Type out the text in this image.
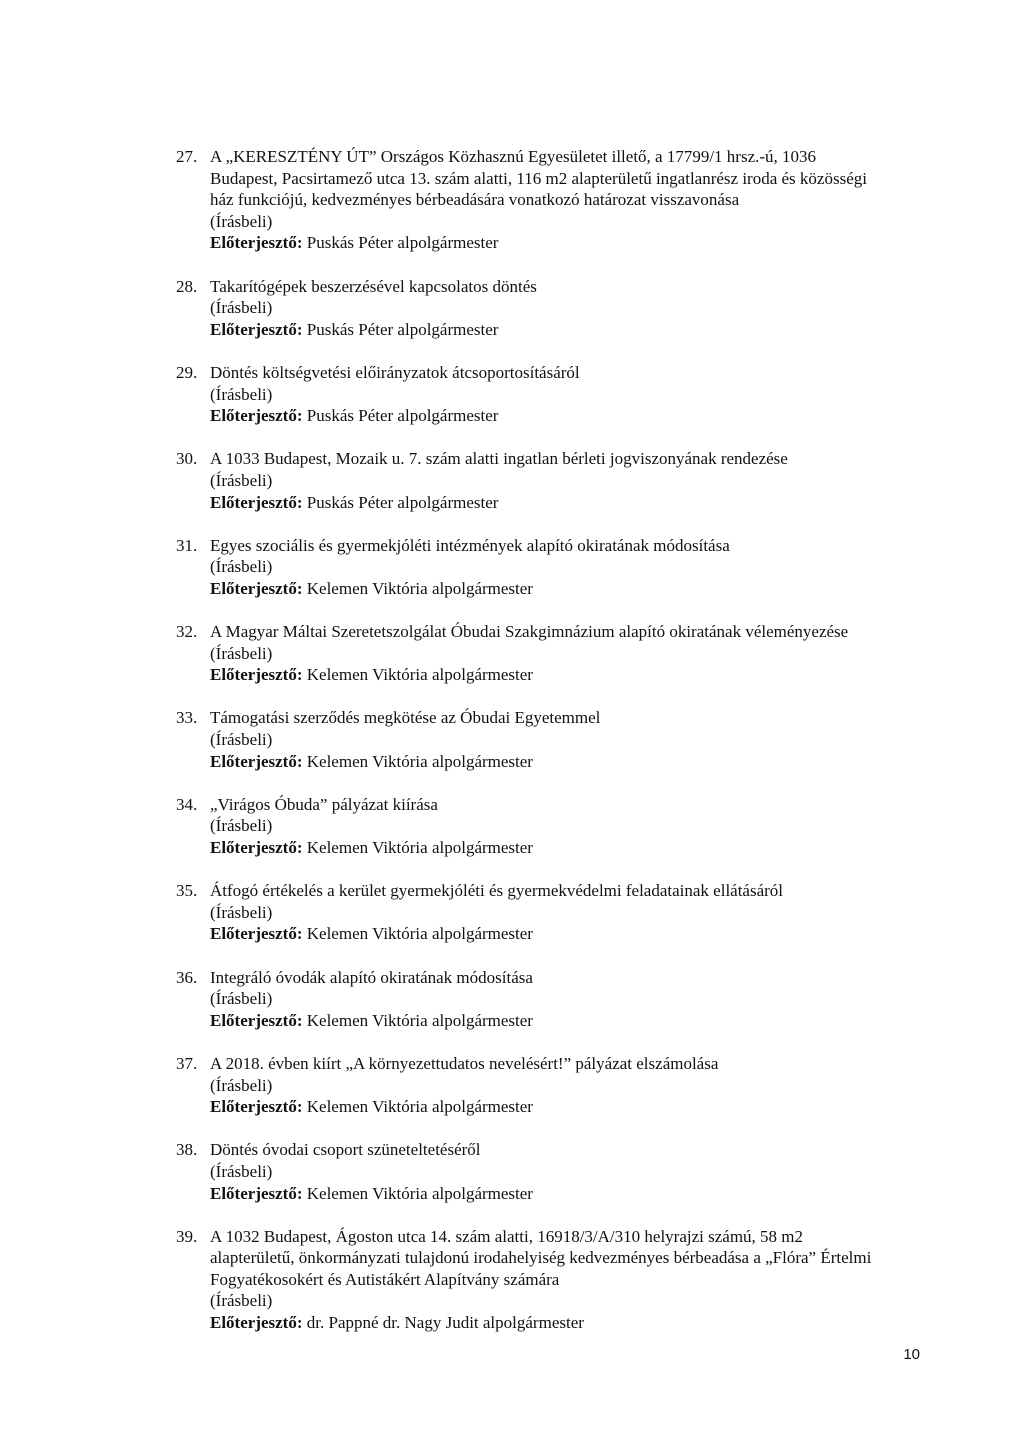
27. A „KERESZTÉNY ÚT” Országos Közhasznú Egyesületet illető, a 17799/1 hrsz.-ú, 1036
Budapest, Pacsirtamező utca 13. szám alatti, 116 m2 alapterületű ingatlanrész iroda és közösségi
ház funkciójú, kedvezményes bérbeadására vonatkozó határozat visszavonása
(Írásbeli)
Előterjesztő: Puskás Péter alpolgármester
28. Takarítógépek beszerzésével kapcsolatos döntés
(Írásbeli)
Előterjesztő: Puskás Péter alpolgármester
29. Döntés költségvetési előirányzatok átcsoportosításáról
(Írásbeli)
Előterjesztő: Puskás Péter alpolgármester
30. A 1033 Budapest, Mozaik u. 7. szám alatti ingatlan bérleti jogviszonyának rendezése
(Írásbeli)
Előterjesztő: Puskás Péter alpolgármester
31. Egyes szociális és gyermekjóléti intézmények alapító okiratának módosítása
(Írásbeli)
Előterjesztő: Kelemen Viktória alpolgármester
32. A Magyar Máltai Szeretetszolgálat Óbudai Szakgimnázium alapító okiratának véleményezése
(Írásbeli)
Előterjesztő: Kelemen Viktória alpolgármester
33. Támogatási szerződés megkötése az Óbudai Egyetemmel
(Írásbeli)
Előterjesztő: Kelemen Viktória alpolgármester
34. „Virágos Óbuda” pályázat kiírása
(Írásbeli)
Előterjesztő: Kelemen Viktória alpolgármester
35. Átfogó értékelés a kerület gyermekjóléti és gyermekvédelmi feladatainak ellátásáról
(Írásbeli)
Előterjesztő: Kelemen Viktória alpolgármester
36. Integráló óvodák alapító okiratának módosítása
(Írásbeli)
Előterjesztő: Kelemen Viktória alpolgármester
37. A 2018. évben kiírt „A környezettudatos nevelésért!” pályázat elszámolása
(Írásbeli)
Előterjesztő: Kelemen Viktória alpolgármester
38. Döntés óvodai csoport szüneteltetéséről
(Írásbeli)
Előterjesztő: Kelemen Viktória alpolgármester
39. A 1032 Budapest, Ágoston utca 14. szám alatti, 16918/3/A/310 helyrajzi számú, 58 m2
alapterületű, önkormányzati tulajdonú irodahelyiség kedvezményes bérbeadása a „Flóra” Értelmi
Fogyatékosokért és Autistákért Alapítvány számára
(Írásbeli)
Előterjesztő: dr. Pappné dr. Nagy Judit alpolgármester
10
